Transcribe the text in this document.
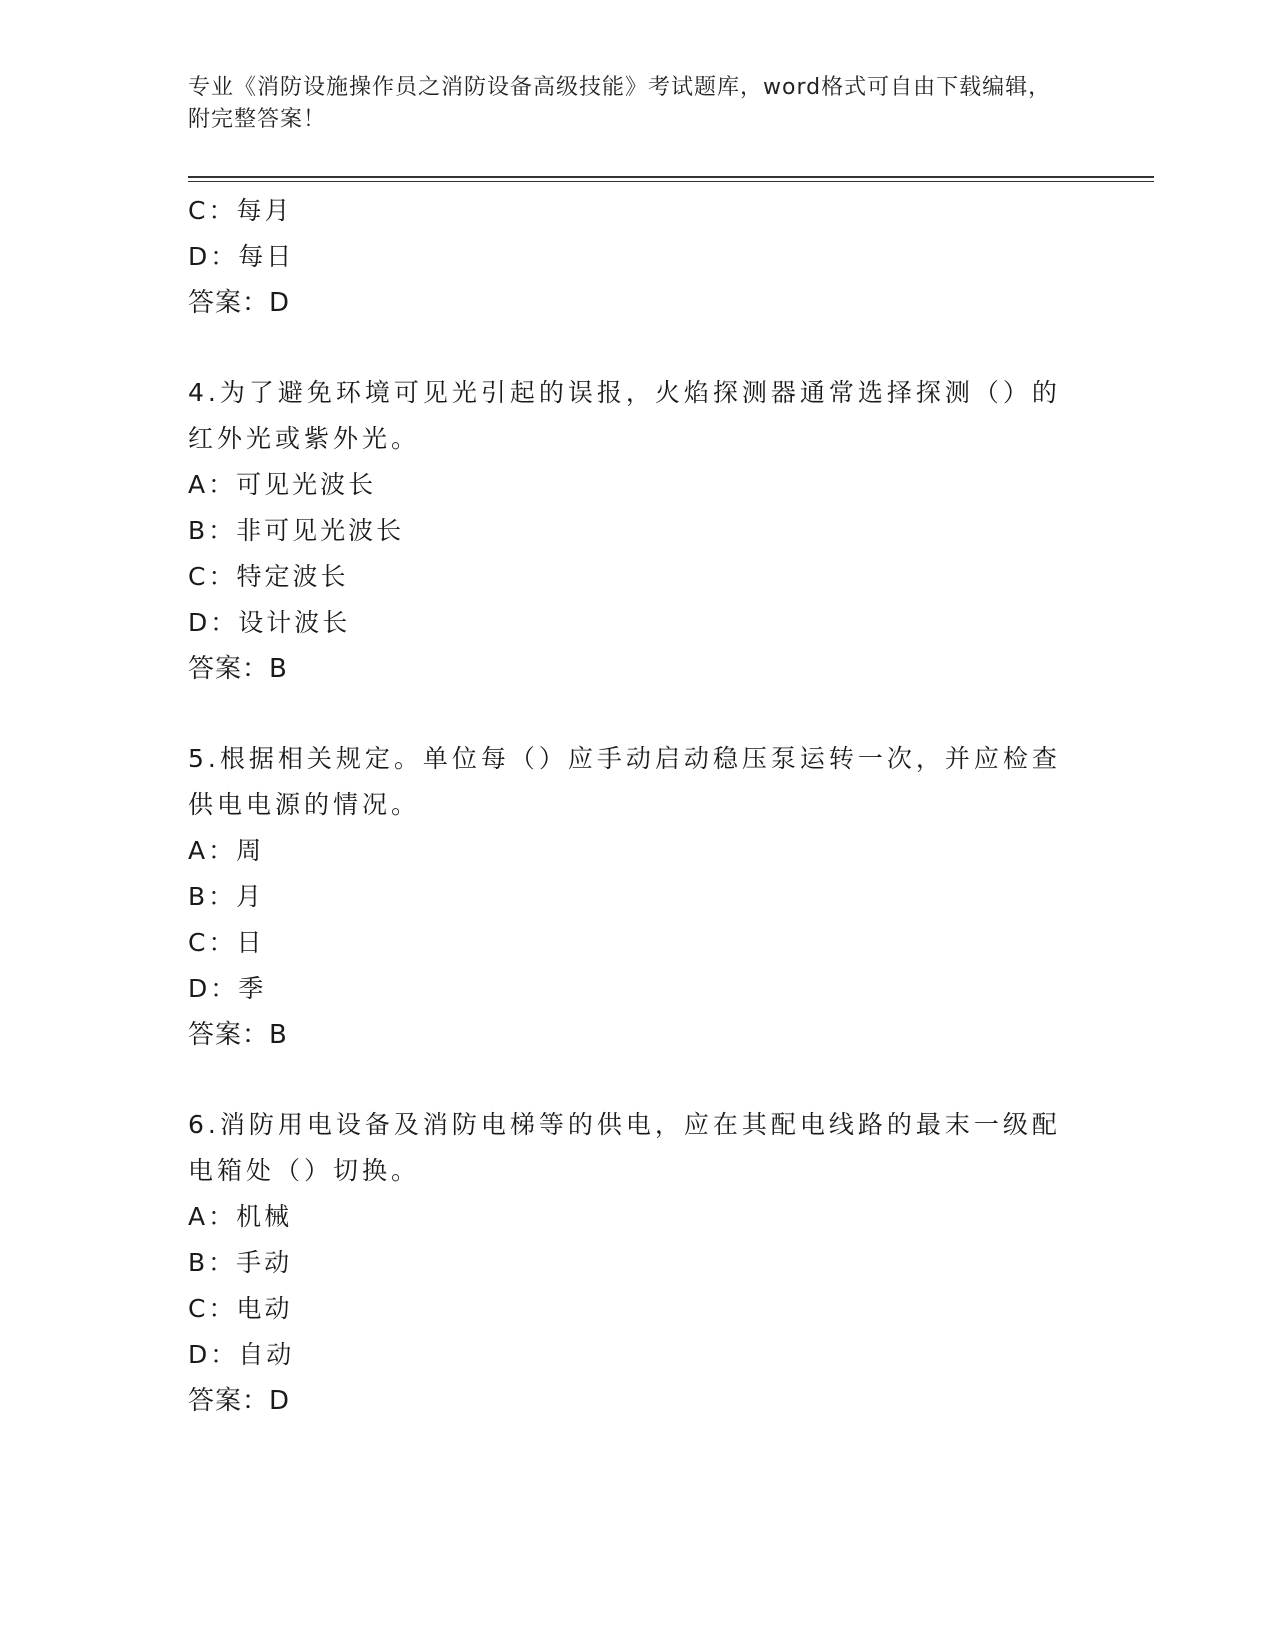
专业《消防设施操作员之消防设备高级技能》考试题库，word格式可自由下载编辑，附完整答案！
C：每月
D：每日
答案：D
4.为了避免环境可见光引起的误报，火焰探测器通常选择探测（）的红外光或紫外光。
A：可见光波长
B：非可见光波长
C：特定波长
D：设计波长
答案：B
5.根据相关规定。单位每（）应手动启动稳压泵运转一次，并应检查供电电源的情况。
A：周
B：月
C：日
D：季
答案：B
6.消防用电设备及消防电梯等的供电，应在其配电线路的最末一级配电箱处（）切换。
A：机械
B：手动
C：电动
D：自动
答案：D
